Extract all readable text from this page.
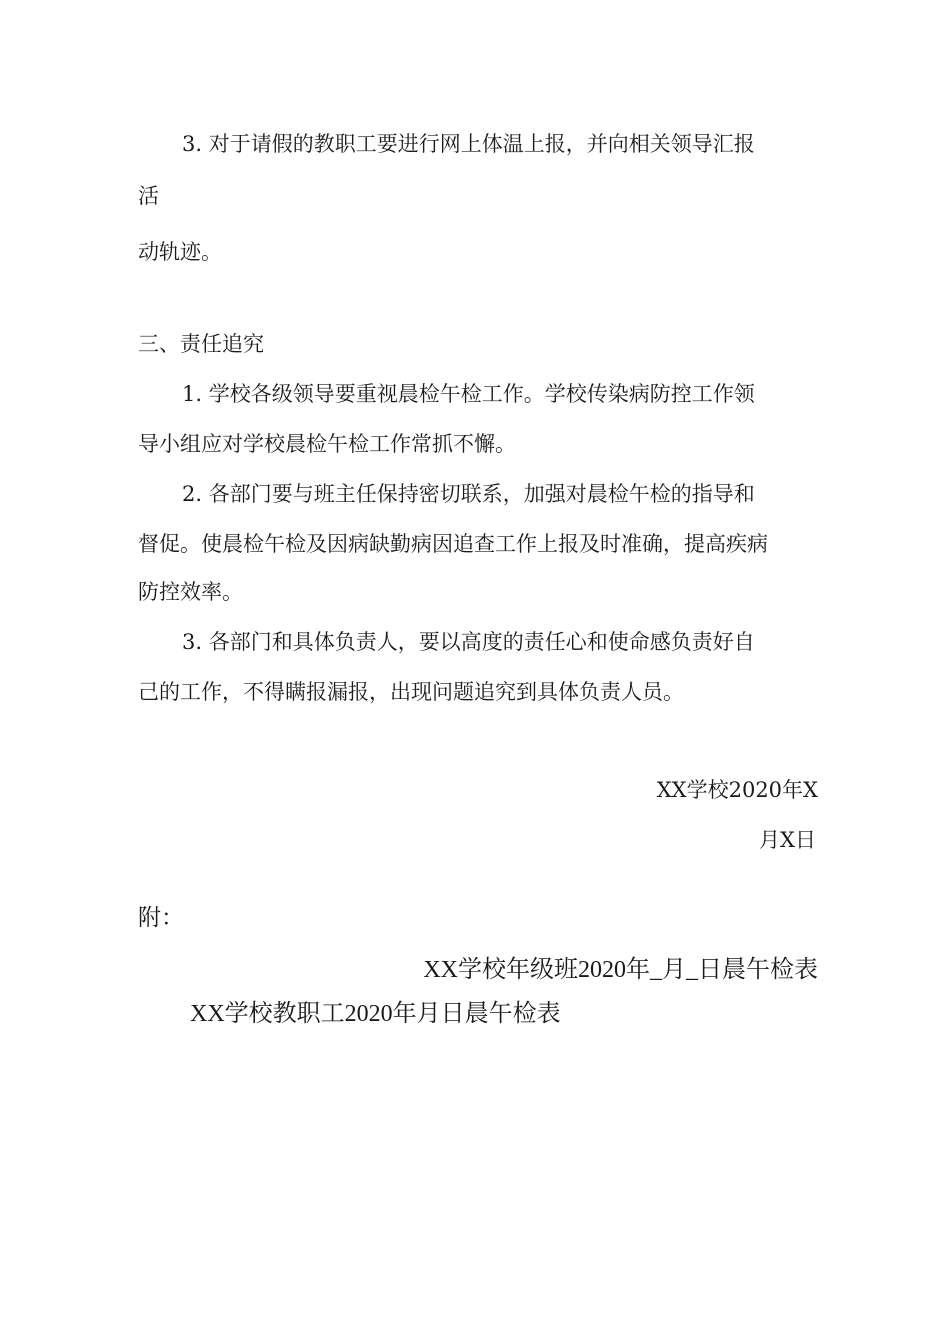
3. 对于请假的教职工要进行网上体温上报，并向相关领导汇报
活
动轨迹。
三、责任追究
1. 学校各级领导要重视晨检午检工作。学校传染病防控工作领
导小组应对学校晨检午检工作常抓不懈。
2. 各部门要与班主任保持密切联系，加强对晨检午检的指导和
督促。使晨检午检及因病缺勤病因追查工作上报及时准确，提高疾病
防控效率。
3. 各部门和具体负责人，要以高度的责任心和使命感负责好自
己的工作，不得瞒报漏报，出现问题追究到具体负责人员。
XX学校2020年X
月X日
附：
XX学校年级班2020年_月_日晨午检表
XX学校教职工2020年月日晨午检表
